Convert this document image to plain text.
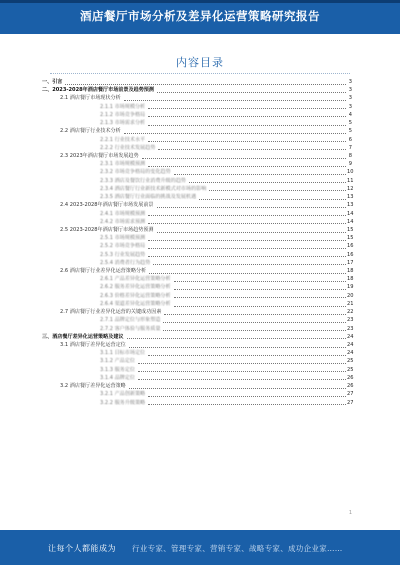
酒店餐厅市场分析及差异化运营策略研究报告
内容目录
一、引言	3
二、2023-2028年酒店餐厅市场前景及趋势预测	3
2.1 酒店餐厅市场现状分析	3
2.1.1 市场规模分析	3
2.1.2 市场竞争格局	4
2.1.3 市场需求分析	5
2.2 酒店餐厅行业技术分析	5
2.2.1 行业技术水平	6
2.2.2 行业技术发展趋势	7
2.3 2023年酒店餐厅市场发展趋势	8
2.3.1 市场规模预测	9
2.3.2 市场竞争格局的变化趋势	10
2.3.3 酒店及餐饮行业消费升级的趋势	11
2.3.4 酒店餐厅行业新技术新模式对市场的影响	12
2.3.5 酒店餐厅行业面临的挑战及发展机遇	13
2.4 2023-2028年酒店餐厅市场发展前景	13
2.4.1 市场规模预测	14
2.4.2 市场需求预测	14
2.5 2023-2028年酒店餐厅市场趋势预测	15
2.5.1 市场规模预测	15
2.5.2 市场竞争格局	16
2.5.3 行业发展趋势	16
2.5.4 消费者行为趋势	17
2.6 酒店餐厅行业差异化运营策略分析	18
2.6.1 产品差异化运营策略分析	18
2.6.2 服务差异化运营策略分析	19
2.6.3 价格差异化运营策略分析	20
2.6.4 渠道差异化运营策略分析	21
2.7 酒店餐厅行业差异化运营的关键成功因素	22
2.7.1 品牌定位与形象塑造	23
2.7.2 客户体验与服务质量	23
三、酒店餐厅差异化运营策略及建议	24
3.1 酒店餐厅差异化运营定位	24
3.1.1 目标市场定位	24
3.1.2 产品定位	25
3.1.3 服务定位	25
3.1.4 品牌定位	26
3.2 酒店餐厅差异化运营策略	26
3.2.1 产品创新策略	27
3.2.2 服务升级策略	27
1
让每个人都能成为 行业专家、管理专家、营销专家、战略专家、成功企业家……
